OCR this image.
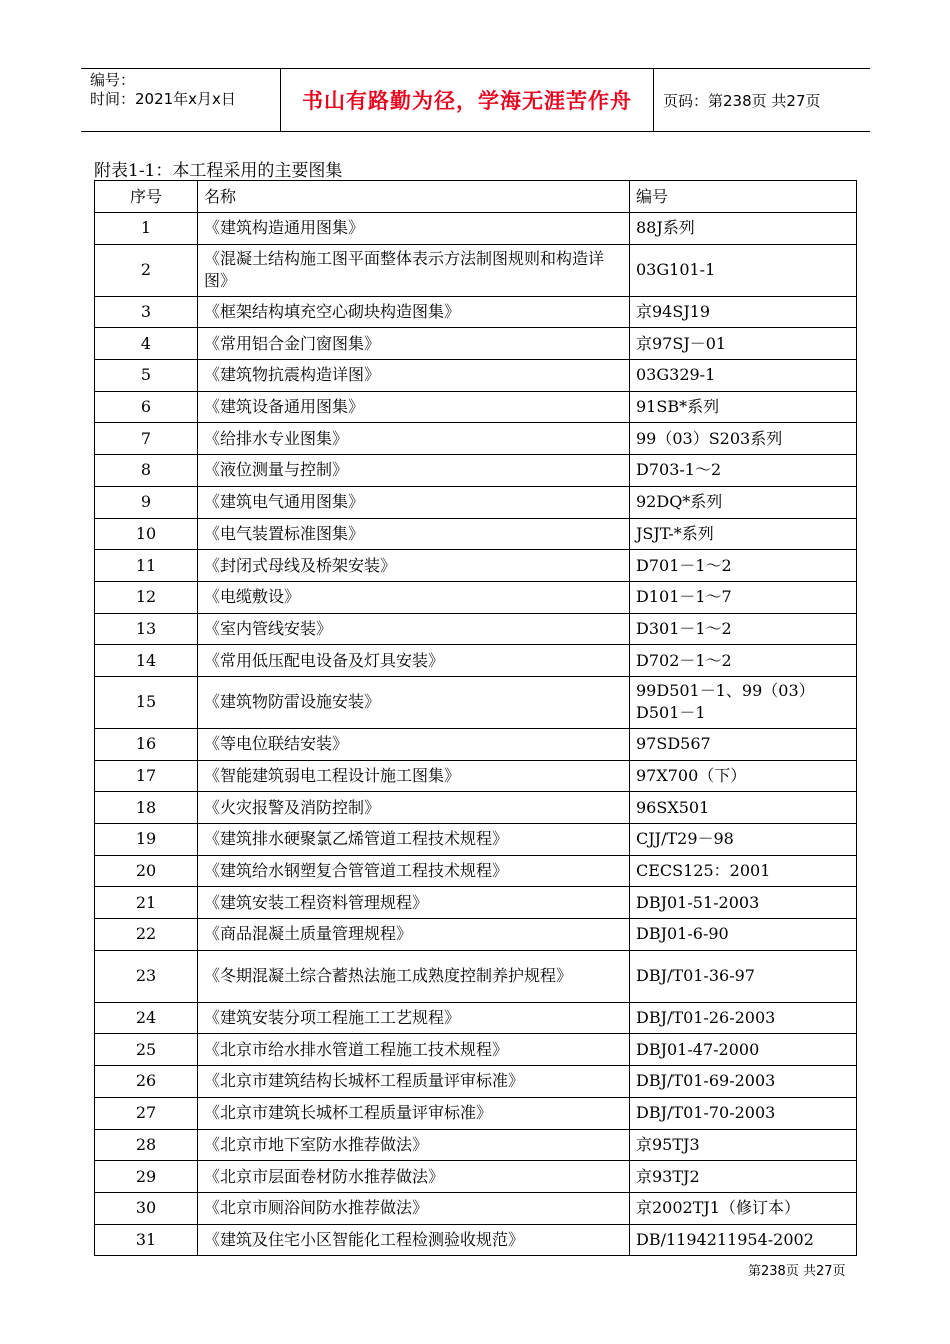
编号：
时间：2021年x月x日	书山有路勤为径，学海无涯苦作舟	页码：第238页 共27页
附表1-1：本工程采用的主要图集
序号	名称	编号
1	《建筑构造通用图集》	88J系列
2	《混凝土结构施工图平面整体表示方法制图规则和构造详图》	03G101-1
3	《框架结构填充空心砌块构造图集》	京94SJ19
4	《常用铝合金门窗图集》	京97SJ－01
5	《建筑物抗震构造详图》	03G329-1
6	《建筑设备通用图集》	91SB*系列
7	《给排水专业图集》	99（03）S203系列
8	《液位测量与控制》	D703-1～2
9	《建筑电气通用图集》	92DQ*系列
10	《电气装置标准图集》	JSJT-*系列
11	《封闭式母线及桥架安装》	D701－1～2
12	《电缆敷设》	D101－1～7
13	《室内管线安装》	D301－1～2
14	《常用低压配电设备及灯具安装》	D702－1～2
15	《建筑物防雷设施安装》	99D501－1、99（03）D501－1
16	《等电位联结安装》	97SD567
17	《智能建筑弱电工程设计施工图集》	97X700（下）
18	《火灾报警及消防控制》	96SX501
19	《建筑排水硬聚氯乙烯管道工程技术规程》	CJJ/T29－98
20	《建筑给水钢塑复合管管道工程技术规程》	CECS125：2001
21	《建筑安装工程资料管理规程》	DBJ01-51-2003
22	《商品混凝土质量管理规程》	DBJ01-6-90
23	《冬期混凝土综合蓄热法施工成熟度控制养护规程》	DBJ/T01-36-97
24	《建筑安装分项工程施工工艺规程》	DBJ/T01-26-2003
25	《北京市给水排水管道工程施工技术规程》	DBJ01-47-2000
26	《北京市建筑结构长城杯工程质量评审标准》	DBJ/T01-69-2003
27	《北京市建筑长城杯工程质量评审标准》	DBJ/T01-70-2003
28	《北京市地下室防水推荐做法》	京95TJ3
29	《北京市层面卷材防水推荐做法》	京93TJ2
30	《北京市厕浴间防水推荐做法》	京2002TJ1（修订本）
31	《建筑及住宅小区智能化工程检测验收规范》	DB/1194211954-2002
第238页 共27页
